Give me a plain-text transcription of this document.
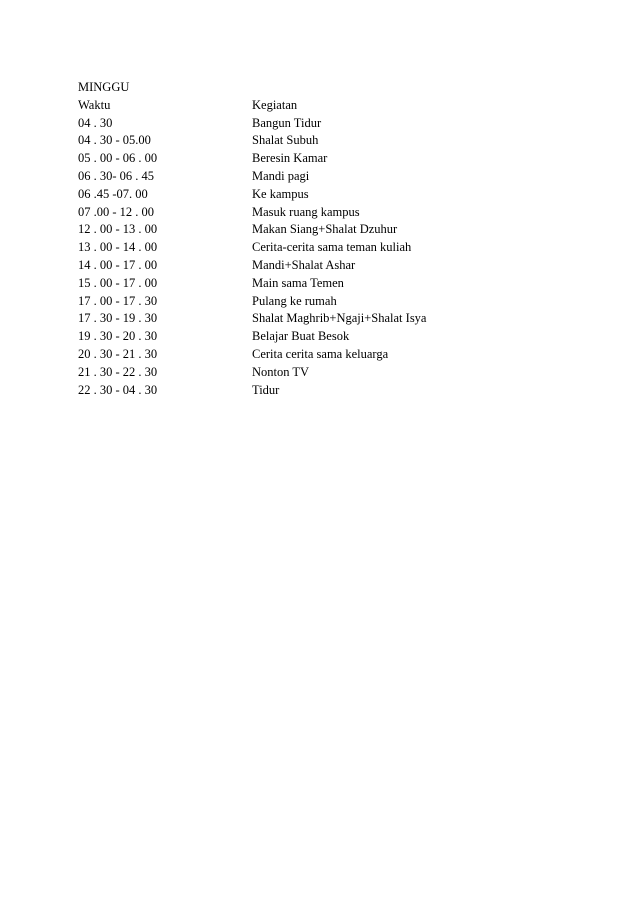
MINGGU
Waktu	Kegiatan
04 . 30	Bangun Tidur
04 . 30 - 05.00	Shalat Subuh
05 . 00 - 06 . 00	Beresin Kamar
06 . 30- 06 . 45	Mandi pagi
06 .45 -07. 00	Ke kampus
07 .00 - 12 . 00	Masuk ruang kampus
12 . 00 - 13 . 00	Makan Siang+Shalat Dzuhur
13 . 00 - 14 . 00	Cerita-cerita sama teman kuliah
14 . 00 - 17 . 00	Mandi+Shalat Ashar
15 . 00 - 17 . 00	Main sama Temen
17 . 00 - 17 . 30	Pulang ke rumah
17 . 30 - 19 . 30	Shalat Maghrib+Ngaji+Shalat Isya
19 . 30 - 20 . 30	Belajar Buat Besok
20 . 30 - 21 . 30	Cerita cerita sama keluarga
21 . 30 - 22 . 30	Nonton TV
22 . 30 - 04 . 30	Tidur
